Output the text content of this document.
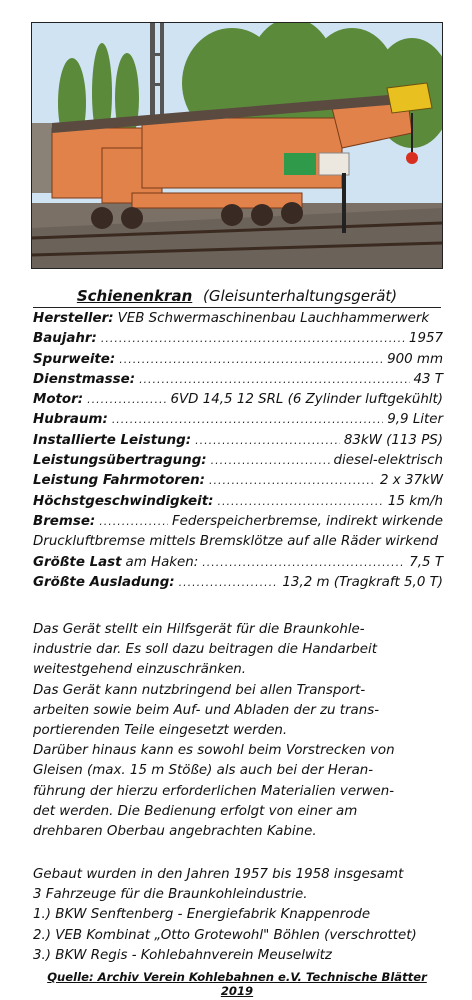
Schienenkran (Gleisunterhaltungsgerät)
Hersteller: VEB Schwermaschinenbau Lauchhammerwerk
Baujahr: .....	1957
Spurweite: .....	900 mm
Dienstmasse: .....	43 T
Motor: .....	6VD 14,5 12 SRL (6 Zylinder luftgekühlt)
Hubraum: .....	9,9 Liter
Installierte Leistung: .....	83kW (113 PS)
Leistungsübertragung: .....	diesel-elektrisch
Leistung Fahrmotoren: .....	2 x 37kW
Höchstgeschwindigkeit: .....	15 km/h
Bremse: .....	Federspeicherbremse, indirekt wirkende
Druckluftbremse mittels Bremsklötze auf alle Räder wirkend
Größte Last am Haken: .....	7,5 T
Größte Ausladung: .....	13,2 m (Tragkraft 5,0 T)

Das Gerät stellt ein Hilfsgerät für die Braunkohle-

industrie dar. Es soll dazu beitragen die Handarbeit

weitestgehend einzuschränken.

Das Gerät kann nutzbringend bei allen Transport-

arbeiten sowie beim Auf- und Abladen der zu trans-

portierenden Teile eingesetzt werden.

Darüber hinaus kann es sowohl beim Vorstrecken von

Gleisen (max. 15 m Stöße) als auch bei der Heran-

führung der hierzu erforderlichen Materialien verwen-

det werden. Die Bedienung erfolgt von einer am

drehbaren Oberbau angebrachten Kabine.

Gebaut wurden in den Jahren 1957 bis 1958 insgesamt

3 Fahrzeuge für die Braunkohleindustrie.

1.) BKW Senftenberg - Energiefabrik Knappenrode

2.) VEB Kombinat „Otto Grotewohl" Böhlen (verschrottet)

3.) BKW Regis - Kohlebahnverein Meuselwitz

Quelle: Archiv Verein Kohlebahnen e.V. Technische Blätter 2019
